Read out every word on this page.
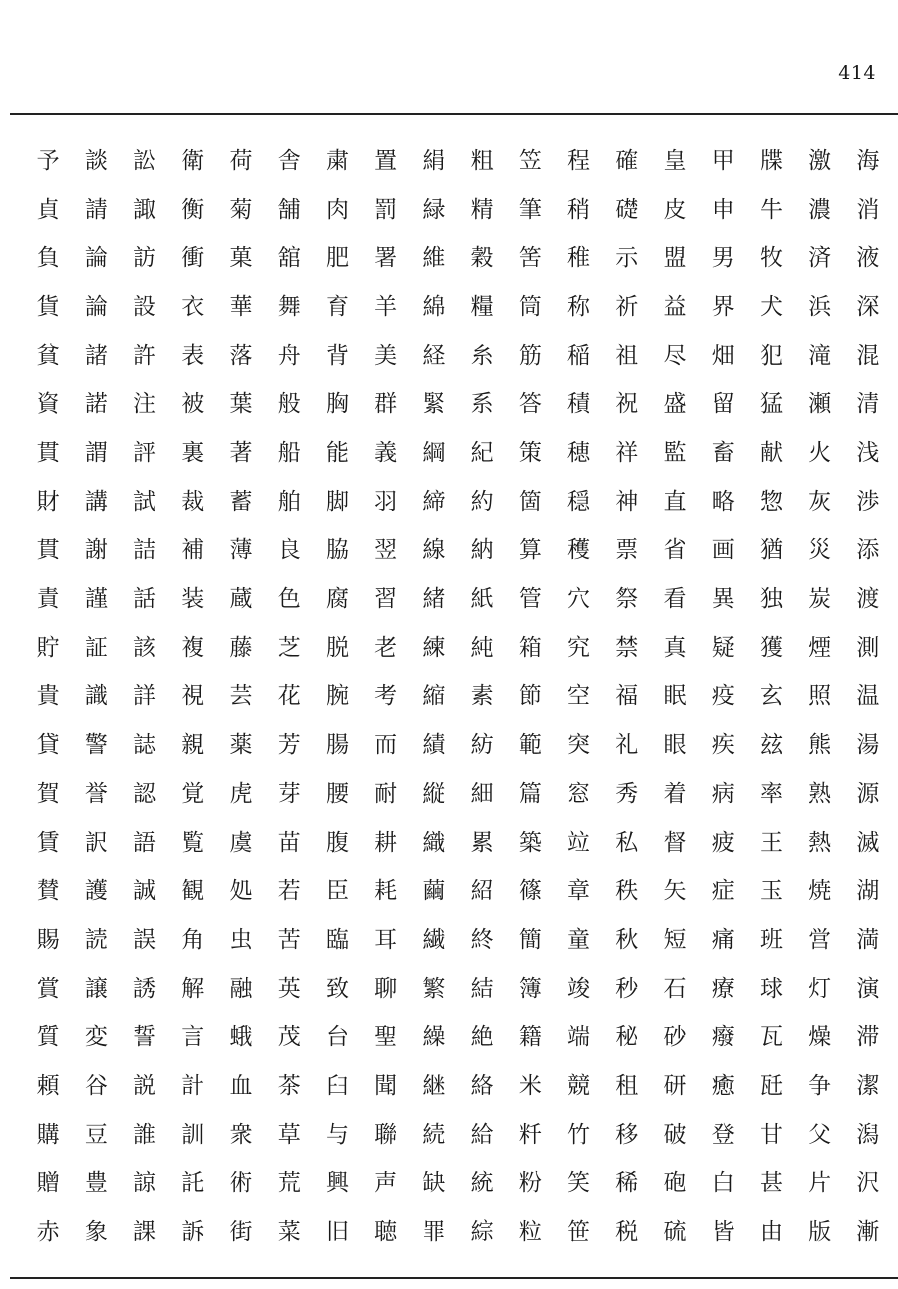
414
予
貞
負
貨
貧
資
貫
財
貫
責
貯
貴
貸
賀
賃
賛
賜
賞
質
頼
購
贈
赤
談
請
論
論
諸
諾
謂
講
謝
謹
証
識
警
誉
訳
護
読
譲
変
谷
豆
豊
象
訟
諏
訪
設
許
注
評
試
詰
話
該
詳
誌
認
語
誠
誤
誘
誓
説
誰
諒
課
衛
衡
衝
衣
表
被
裏
裁
補
装
複
視
親
覚
覧
観
角
解
言
計
訓
託
訴
荷
菊
菓
華
落
葉
著
蓄
薄
蔵
藤
芸
薬
虎
虞
処
虫
融
蛾
血
衆
術
街
舎
舗
舘
舞
舟
般
船
舶
良
色
芝
花
芳
芽
苗
若
苦
英
茂
茶
草
荒
菜
粛
肉
肥
育
背
胸
能
脚
脇
腐
脱
腕
腸
腰
腹
臣
臨
致
台
臼
与
興
旧
置
罰
署
羊
美
群
義
羽
翌
習
老
考
而
耐
耕
耗
耳
聊
聖
聞
聯
声
聴
絹
緑
維
綿
経
緊
綱
締
線
緒
練
縮
績
縦
織
繭
繊
繁
繰
継
続
缺
罪
粗
精
穀
糧
糸
系
紀
約
納
紙
純
素
紡
細
累
紹
終
結
絶
絡
給
統
綜
笠
筆
筈
筒
筋
答
策
箇
算
管
箱
節
範
篇
築
篠
簡
簿
籍
米
粁
粉
粒
程
稍
稚
称
稲
積
穂
穏
穫
穴
究
空
突
窓
竝
章
童
竣
端
競
竹
笑
笹
確
礎
示
祈
祖
祝
祥
神
票
祭
禁
福
礼
秀
私
秩
秋
秒
秘
租
移
稀
税
皇
皮
盟
益
尽
盛
監
直
省
看
真
眠
眼
着
督
矢
短
石
砂
研
破
砲
硫
甲
申
男
界
畑
留
畜
略
画
異
疑
疫
疾
病
疲
症
痛
療
癈
癒
登
白
皆
牒
牛
牧
犬
犯
猛
献
惣
猶
独
獲
玄
玆
率
王
玉
班
球
瓦
瓩
甘
甚
由
激
濃
済
浜
滝
瀬
火
灰
災
炭
煙
照
熊
熟
熱
焼
営
灯
燥
争
父
片
版
海
消
液
深
混
清
浅
渉
添
渡
測
温
湯
源
滅
湖
満
演
滞
潔
潟
沢
漸
